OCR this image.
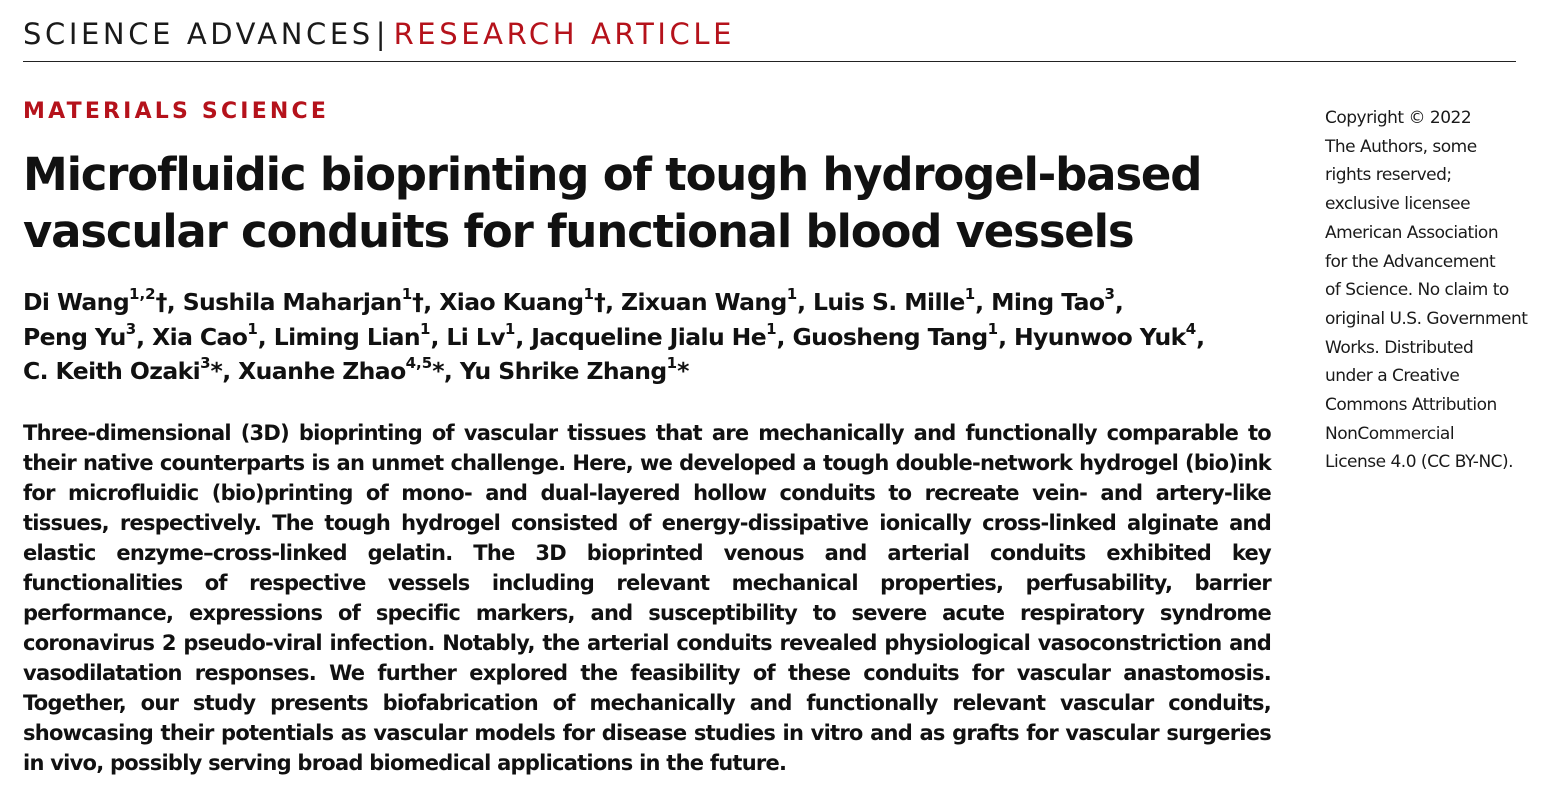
SCIENCE ADVANCES| RESEARCH ARTICLE
MATERIALS SCIENCE
Microfluidic bioprinting of tough hydrogel-based
vascular conduits for functional blood vessels
Di Wang$^{1,2}$†, Sushila Maharjan$^1$†, Xiao Kuang$^1$†, Zixuan Wang$^1$, Luis S. Mille$^1$, Ming Tao$^3$,
Peng Yu$^3$, Xia Cao$^1$, Liming Lian$^1$, Li Lv$^1$, Jacqueline Jialu He$^1$, Guosheng Tang$^1$, Hyunwoo Yuk$^4$,
C. Keith Ozaki$^3$*, Xuanhe Zhao$^{4,5}$*, Yu Shrike Zhang$^1$*

Three-dimensional (3D) bioprinting of vascular tissues that are mechanically and functionally comparable to their native counterparts is an unmet challenge. Here, we developed a tough double-network hydrogel (bio)ink for microfluidic (bio)printing of mono- and dual-layered hollow conduits to recreate vein- and artery-like tissues, respectively. The tough hydrogel consisted of energy-dissipative ionically cross-linked alginate and elastic enzyme–cross-linked gelatin. The 3D bioprinted venous and arterial conduits exhibited key functionalities of respective vessels including relevant mechanical properties, perfusability, barrier performance, expressions of specific markers, and susceptibility to severe acute respiratory syndrome coronavirus 2 pseudo-viral infection. Notably, the arterial conduits revealed physiological vasoconstriction and vasodilatation responses. We further explored the feasibility of these conduits for vascular anastomosis. Together, our study presents biofabrication of mechanically and functionally relevant vascular conduits, showcasing their potentials as vascular models for disease studies in vitro and as grafts for vascular surgeries in vivo, possibly serving broad biomedical applications in the future.

Copyright © 2022
The Authors, some
rights reserved;
exclusive licensee
American Association
for the Advancement
of Science. No claim to
original U.S. Government
Works. Distributed
under a Creative
Commons Attribution
NonCommercial
License 4.0 (CC BY-NC).
